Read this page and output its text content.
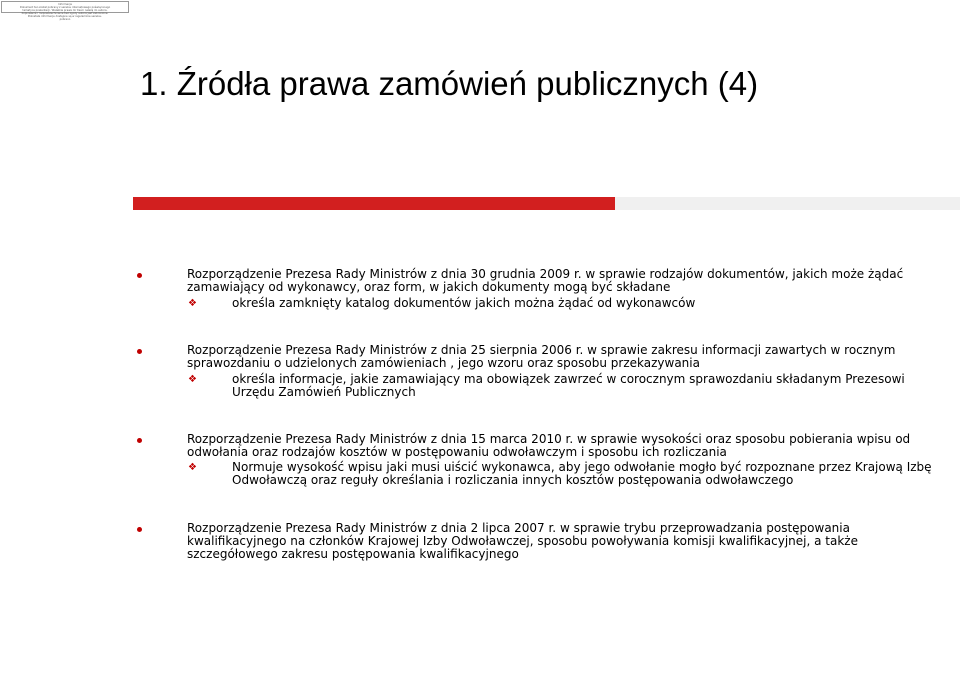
Informacja
Dokument ten został pobrany z serwisu internetowego poświęconego
tematyce prezentacji. Wszelkie prawa do treści należą do autora.
Kopiowanie i rozpowszechnianie bez zgody autora jest zabronione.
Pozostałe informacje dostępne są w regulaminie serwisu.
pobrano
1. Źródła prawa zamówień publicznych (4)

Rozporządzenie Prezesa Rady Ministrów z dnia 30 grudnia 2009 r. w sprawie rodzajów dokumentów, jakich może żądać zamawiający od wykonawcy, oraz form, w jakich dokumenty mogą być składane

❖	określa zamknięty katalog dokumentów jakich można żądać od wykonawców

Rozporządzenie Prezesa Rady Ministrów z dnia 25 sierpnia 2006 r. w sprawie zakresu informacji zawartych w rocznym sprawozdaniu o udzielonych zamówieniach , jego wzoru oraz sposobu przekazywania

❖	określa informacje, jakie zamawiający ma obowiązek zawrzeć w corocznym sprawozdaniu składanym Prezesowi Urzędu Zamówień Publicznych

Rozporządzenie Prezesa Rady Ministrów z dnia 15 marca 2010 r. w sprawie wysokości oraz sposobu pobierania wpisu od odwołania oraz rodzajów kosztów w postępowaniu odwoławczym i sposobu ich rozliczania

❖	Normuje wysokość wpisu jaki musi uiścić wykonawca, aby jego odwołanie mogło być rozpoznane przez Krajową Izbę Odwoławczą oraz reguły określania i rozliczania innych kosztów postępowania odwoławczego

Rozporządzenie Prezesa Rady Ministrów z dnia 2 lipca 2007 r. w sprawie trybu przeprowadzania postępowania kwalifikacyjnego na członków Krajowej Izby Odwoławczej, sposobu powoływania komisji kwalifikacyjnej, a także szczegółowego zakresu postępowania kwalifikacyjnego
